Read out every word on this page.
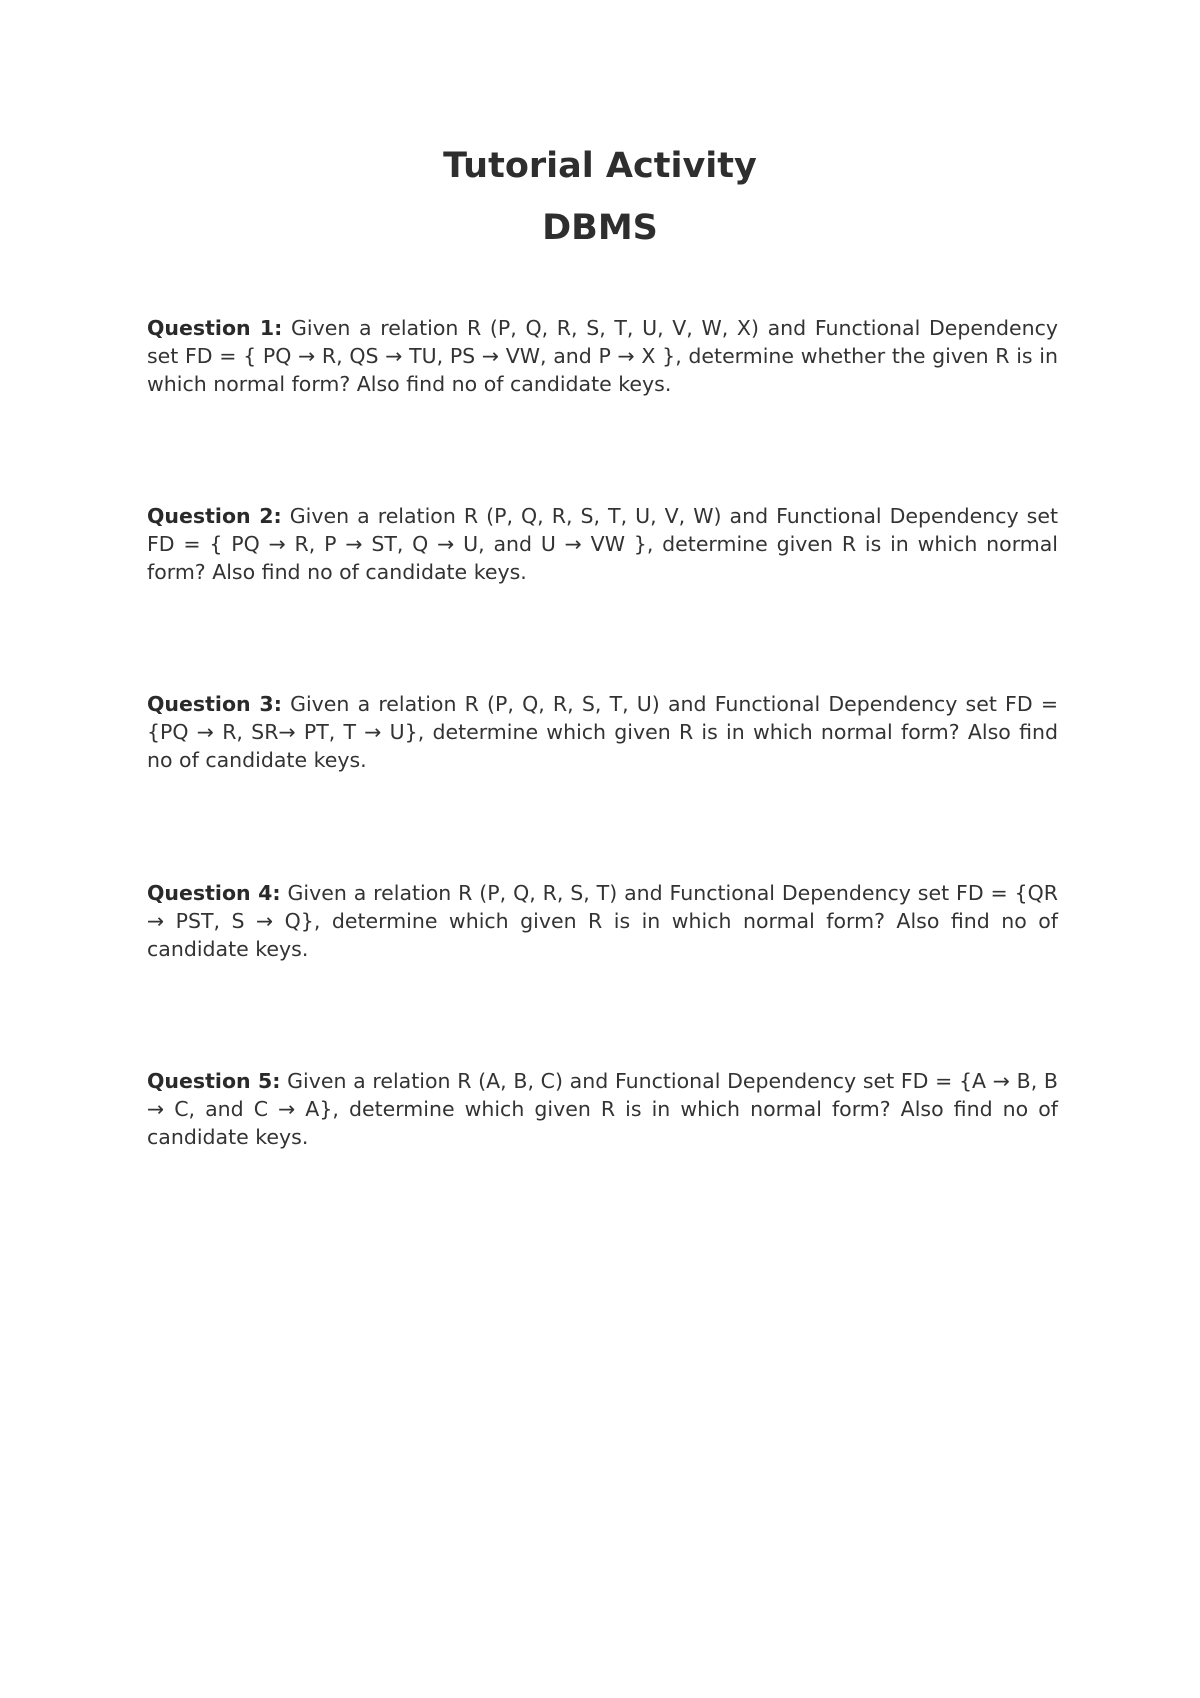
Tutorial Activity
DBMS

Question 1: Given a relation R (P, Q, R, S, T, U, V, W, X) and Functional Dependency set FD = { PQ → R, QS → TU, PS → VW, and P → X }, determine whether the given R is in which normal form? Also find no of candidate keys.

Question 2: Given a relation R (P, Q, R, S, T, U, V, W) and Functional Dependency set FD = { PQ → R, P → ST, Q → U, and U → VW }, determine given R is in which normal form? Also find no of candidate keys.

Question 3: Given a relation R (P, Q, R, S, T, U) and Functional Dependency set FD = {PQ → R, SR→ PT, T → U}, determine which given R is in which normal form? Also find no of candidate keys.

Question 4: Given a relation R (P, Q, R, S, T) and Functional Dependency set FD = {QR → PST, S → Q}, determine which given R is in which normal form? Also find no of candidate keys.

Question 5: Given a relation R (A, B, C) and Functional Dependency set FD = {A → B, B → C, and C → A}, determine which given R is in which normal form? Also find no of candidate keys.
